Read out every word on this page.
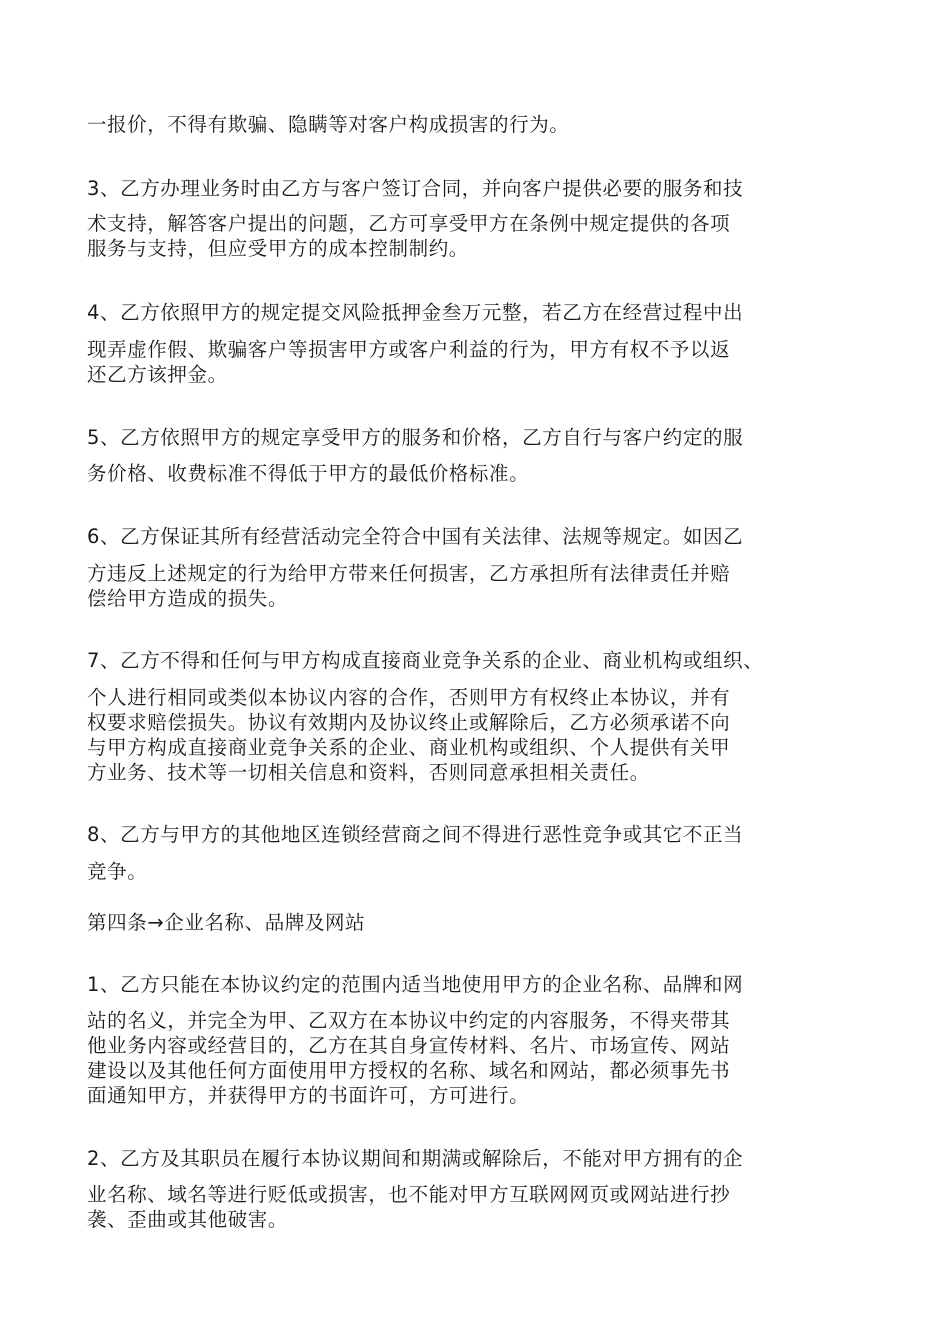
一报价，不得有欺骗、隐瞒等对客户构成损害的行为。
3、乙方办理业务时由乙方与客户签订合同，并向客户提供必要的服务和技
术支持，解答客户提出的问题，乙方可享受甲方在条例中规定提供的各项
服务与支持，但应受甲方的成本控制制约。
4、乙方依照甲方的规定提交风险抵押金叁万元整，若乙方在经营过程中出
现弄虚作假、欺骗客户等损害甲方或客户利益的行为，甲方有权不予以返
还乙方该押金。
5、乙方依照甲方的规定享受甲方的服务和价格，乙方自行与客户约定的服
务价格、收费标准不得低于甲方的最低价格标准。
6、乙方保证其所有经营活动完全符合中国有关法律、法规等规定。如因乙
方违反上述规定的行为给甲方带来任何损害，乙方承担所有法律责任并赔
偿给甲方造成的损失。
7、乙方不得和任何与甲方构成直接商业竞争关系的企业、商业机构或组织、
个人进行相同或类似本协议内容的合作，否则甲方有权终止本协议，并有
权要求赔偿损失。协议有效期内及协议终止或解除后，乙方必须承诺不向
与甲方构成直接商业竞争关系的企业、商业机构或组织、个人提供有关甲
方业务、技术等一切相关信息和资料，否则同意承担相关责任。
8、乙方与甲方的其他地区连锁经营商之间不得进行恶性竞争或其它不正当
竞争。
第四条→企业名称、品牌及网站
1、乙方只能在本协议约定的范围内适当地使用甲方的企业名称、品牌和网
站的名义，并完全为甲、乙双方在本协议中约定的内容服务，不得夹带其
他业务内容或经营目的，乙方在其自身宣传材料、名片、市场宣传、网站
建设以及其他任何方面使用甲方授权的名称、域名和网站，都必须事先书
面通知甲方，并获得甲方的书面许可，方可进行。
2、乙方及其职员在履行本协议期间和期满或解除后，不能对甲方拥有的企
业名称、域名等进行贬低或损害，也不能对甲方互联网网页或网站进行抄
袭、歪曲或其他破害。
